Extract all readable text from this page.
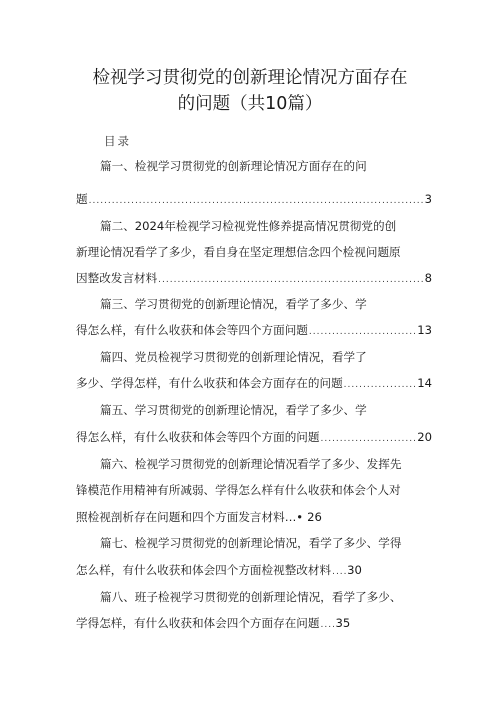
检视学习贯彻党的创新理论情况方面存在
的问题（共10篇）
目录
篇一、检视学习贯彻党的创新理论情况方面存在的问
题 .....	3
篇二、2024年检视学习检视党性修养提高情况贯彻党的创
新理论情况看学了多少，看自身在坚定理想信念四个检视问题原
因整改发言材料 .....	8
篇三、学习贯彻党的创新理论情况，看学了多少、学
得怎么样，有什么收获和体会等四个方面问题 .....	13
篇四、党员检视学习贯彻党的创新理论情况，看学了
多少、学得怎样，有什么收获和体会方面存在的问题 .....	14
篇五、学习贯彻党的创新理论情况，看学了多少、学
得怎么样，有什么收获和体会等四个方面的问题 .....	20
篇六、检视学习贯彻党的创新理论情况看学了多少、发挥先
锋模范作用精神有所减弱、学得怎么样有什么收获和体会个人对
照检视剖析存在问题和四个方面发言材料…• 26
篇七、检视学习贯彻党的创新理论情况，看学了多少、学得
怎么样，有什么收获和体会四个方面检视整改材料 ..... 30
篇八、班子检视学习贯彻党的创新理论情况，看学了多少、
学得怎样，有什么收获和体会四个方面存在问题 ..... 35
